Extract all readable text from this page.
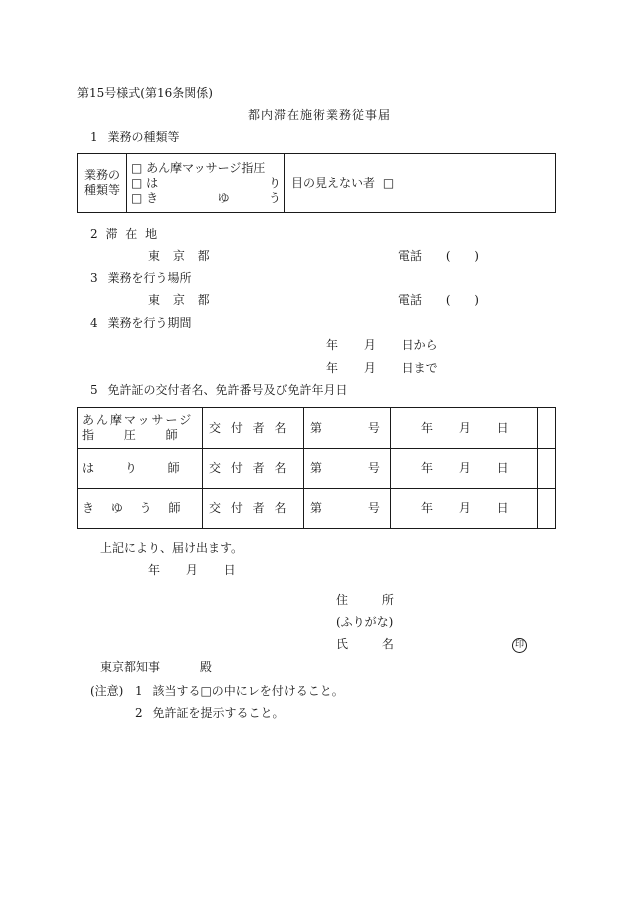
第15号様式(第16条関係)
都内滞在施術業務従事届
1 業務の種類等
業務の
種類等

□ あん摩マッサージ指圧
□ は	り
□ き	ゆ	う
	目の見えない者 □
2 滞 在 地
東 京 都	電話 ( )
3 業務を行う場所
東 京 都	電話 ( )
4 業務を行う期間
年 月 日から
年 月 日まで
5 免許証の交付者名、免許番号及び免許年月日
あん摩マッサージ
指 圧 師	交 付 者 名	第 号	年 月 日	
は り 師	交 付 者 名	第 号	年 月 日	
き ゆ う 師	交 付 者 名	第 号	年 月 日	
上記により、届け出ます。
年 月 日
住 所
(ふりがな)
氏 名	印
東京都知事 殿
(注意) 1 該当する□の中にレを付けること。
2 免許証を提示すること。
